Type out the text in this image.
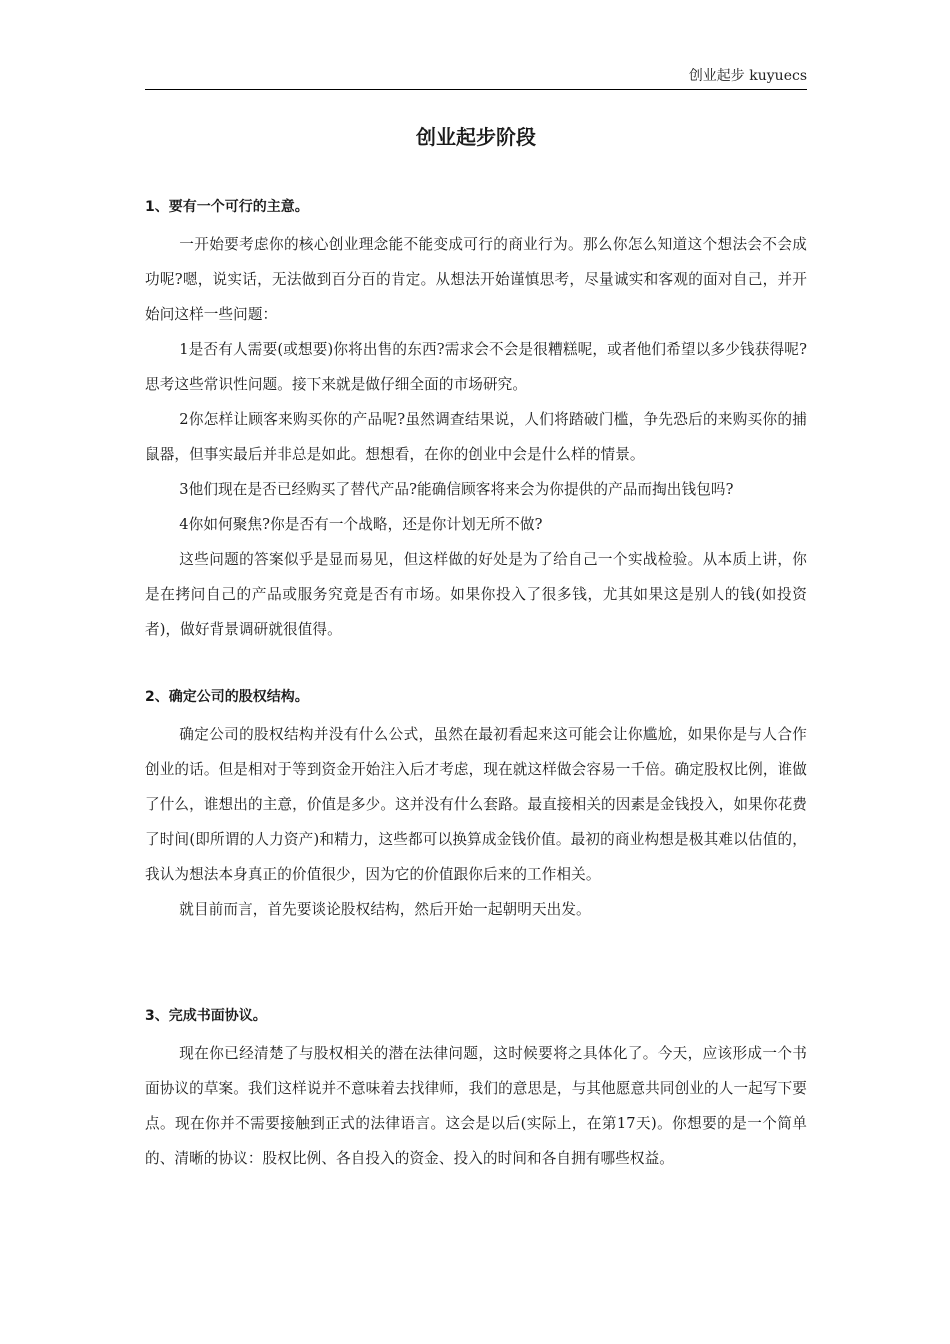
创业起步 kuyuecs
创业起步阶段
1、要有一个可行的主意。

一开始要考虑你的核心创业理念能不能变成可行的商业行为。那么你怎么知道这个想法会不会成功呢?嗯，说实话，无法做到百分百的肯定。从想法开始谨慎思考，尽量诚实和客观的面对自己，并开始问这样一些问题：

1是否有人需要(或想要)你将出售的东西?需求会不会是很糟糕呢，或者他们希望以多少钱获得呢?思考这些常识性问题。接下来就是做仔细全面的市场研究。

2你怎样让顾客来购买你的产品呢?虽然调查结果说，人们将踏破门槛，争先恐后的来购买你的捕鼠器，但事实最后并非总是如此。想想看，在你的创业中会是什么样的情景。

3他们现在是否已经购买了替代产品?能确信顾客将来会为你提供的产品而掏出钱包吗?

4你如何聚焦?你是否有一个战略，还是你计划无所不做?

这些问题的答案似乎是显而易见，但这样做的好处是为了给自己一个实战检验。从本质上讲，你是在拷问自己的产品或服务究竟是否有市场。如果你投入了很多钱，尤其如果这是别人的钱(如投资者)，做好背景调研就很值得。

2、确定公司的股权结构。

确定公司的股权结构并没有什么公式，虽然在最初看起来这可能会让你尴尬，如果你是与人合作创业的话。但是相对于等到资金开始注入后才考虑，现在就这样做会容易一千倍。确定股权比例，谁做了什么，谁想出的主意，价值是多少。这并没有什么套路。最直接相关的因素是金钱投入，如果你花费了时间(即所谓的人力资产)和精力，这些都可以换算成金钱价值。最初的商业构想是极其难以估值的，我认为想法本身真正的价值很少，因为它的价值跟你后来的工作相关。

就目前而言，首先要谈论股权结构，然后开始一起朝明天出发。

3、完成书面协议。

现在你已经清楚了与股权相关的潜在法律问题，这时候要将之具体化了。今天，应该形成一个书面协议的草案。我们这样说并不意味着去找律师，我们的意思是，与其他愿意共同创业的人一起写下要点。现在你并不需要接触到正式的法律语言。这会是以后(实际上，在第17天)。你想要的是一个简单的、清晰的协议：股权比例、各自投入的资金、投入的时间和各自拥有哪些权益。
